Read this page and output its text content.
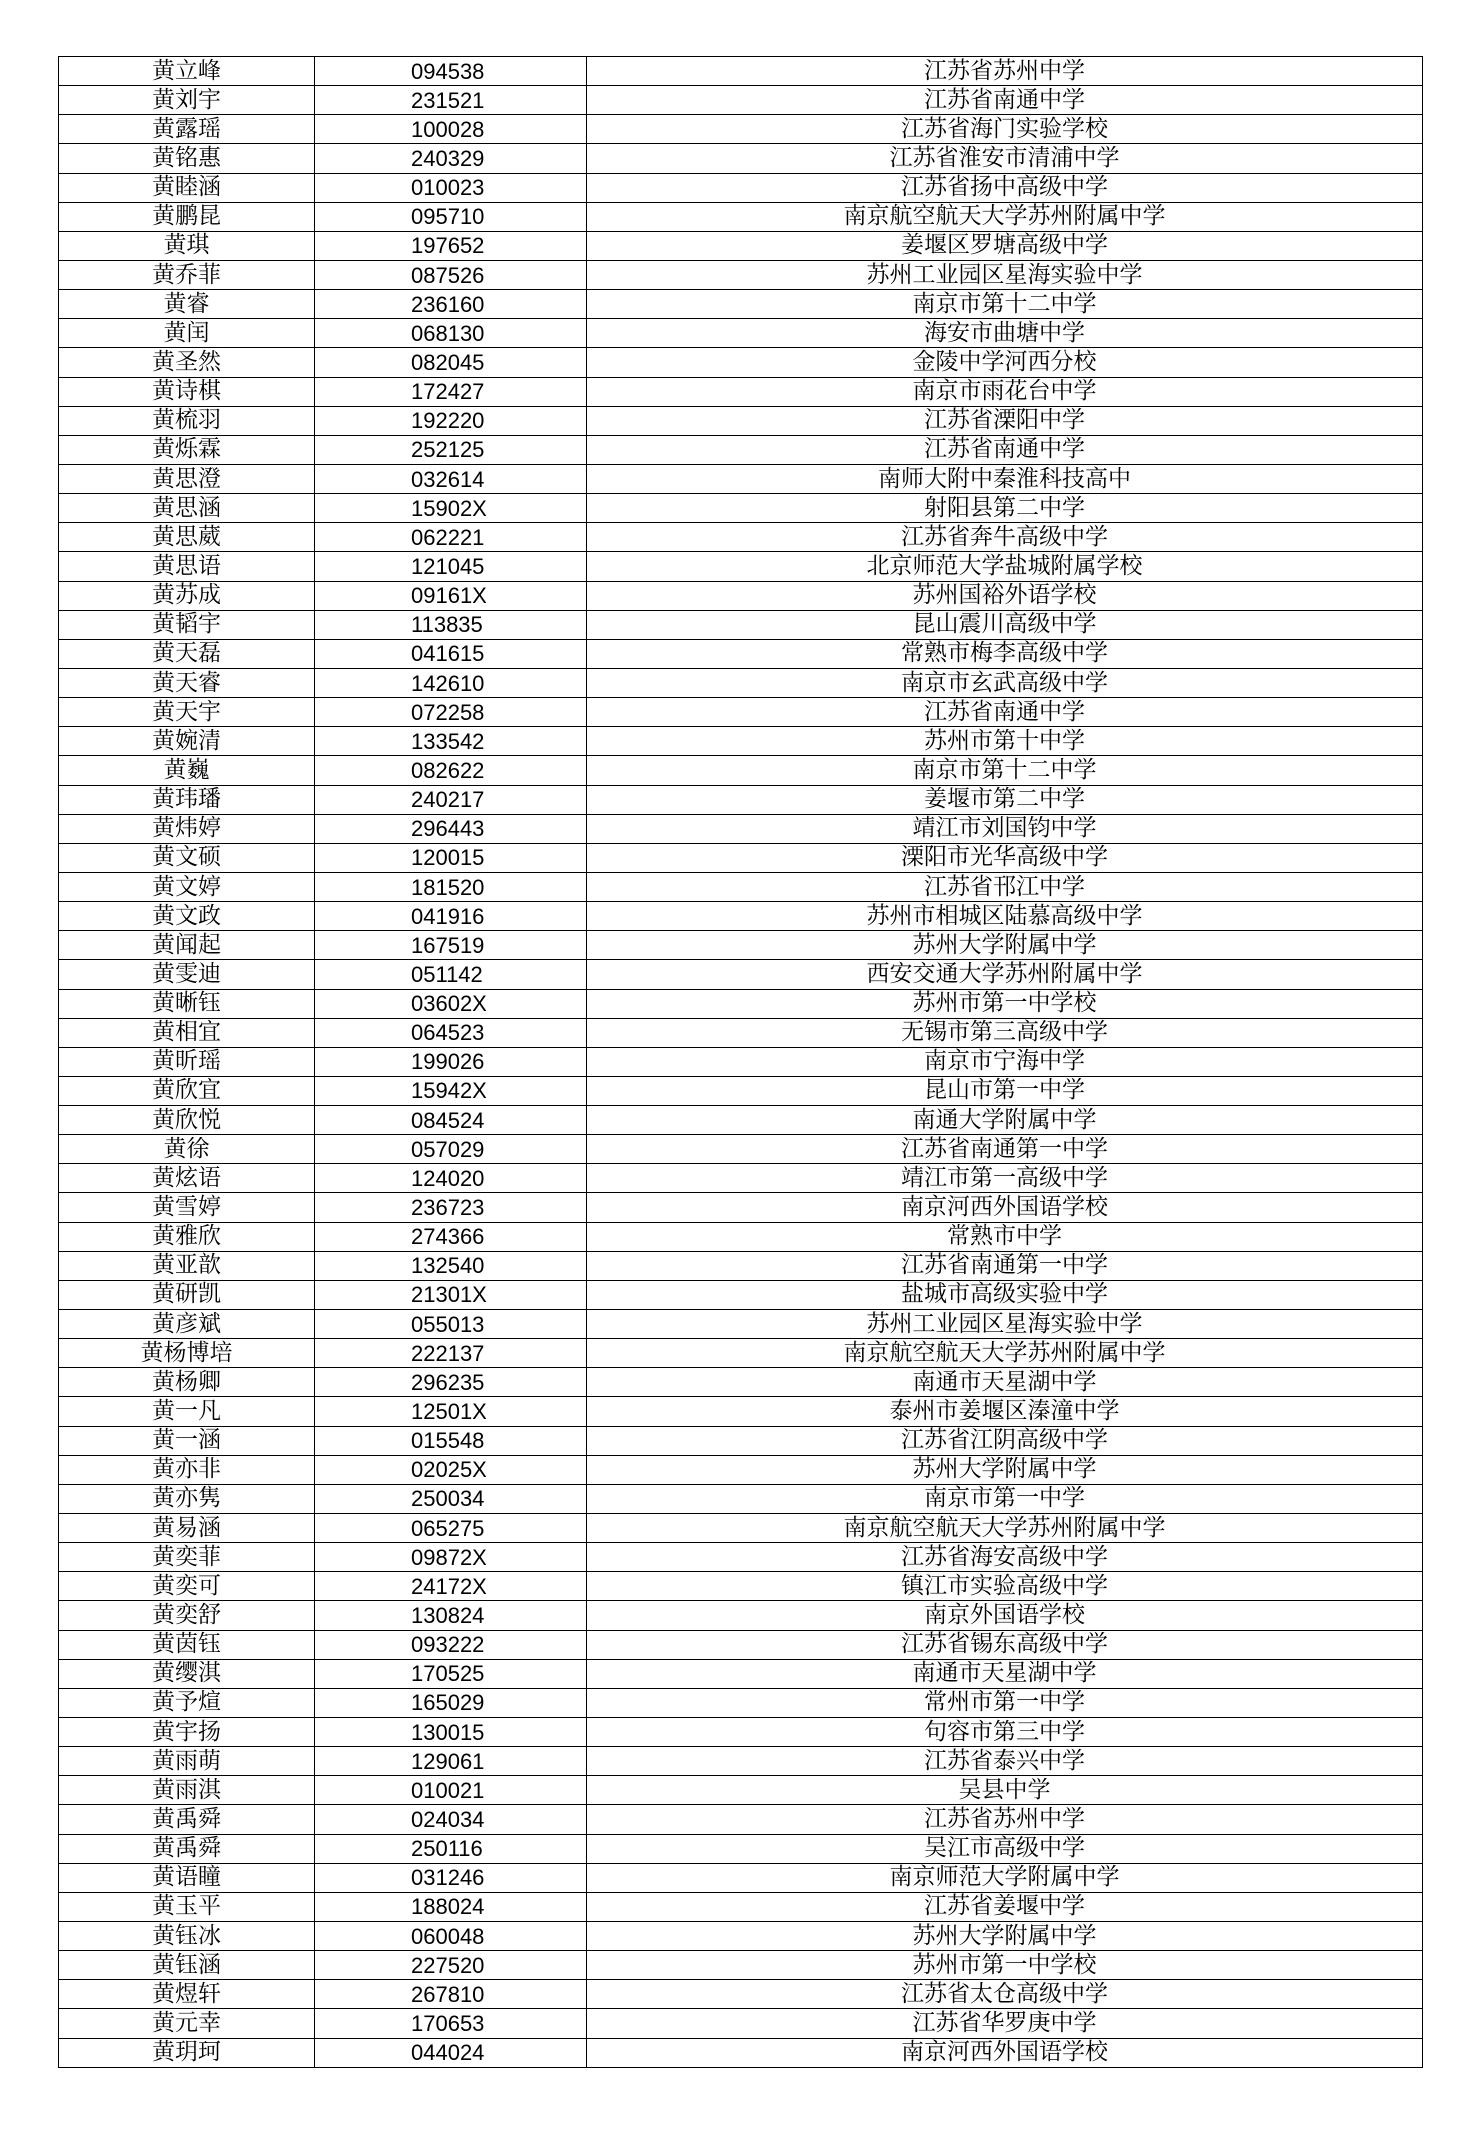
黄立峰	094538	江苏省苏州中学
黄刘宇	231521	江苏省南通中学
黄露瑶	100028	江苏省海门实验学校
黄铭惠	240329	江苏省淮安市清浦中学
黄睦涵	010023	江苏省扬中高级中学
黄鹏昆	095710	南京航空航天大学苏州附属中学
黄琪	197652	姜堰区罗塘高级中学
黄乔菲	087526	苏州工业园区星海实验中学
黄睿	236160	南京市第十二中学
黄闰	068130	海安市曲塘中学
黄圣然	082045	金陵中学河西分校
黄诗棋	172427	南京市雨花台中学
黄梳羽	192220	江苏省溧阳中学
黄烁霖	252125	江苏省南通中学
黄思澄	032614	南师大附中秦淮科技高中
黄思涵	15902X	射阳县第二中学
黄思葳	062221	江苏省奔牛高级中学
黄思语	121045	北京师范大学盐城附属学校
黄苏成	09161X	苏州国裕外语学校
黄韬宇	113835	昆山震川高级中学
黄天磊	041615	常熟市梅李高级中学
黄天睿	142610	南京市玄武高级中学
黄天宇	072258	江苏省南通中学
黄婉清	133542	苏州市第十中学
黄巍	082622	南京市第十二中学
黄玮璠	240217	姜堰市第二中学
黄炜婷	296443	靖江市刘国钧中学
黄文硕	120015	溧阳市光华高级中学
黄文婷	181520	江苏省邗江中学
黄文政	041916	苏州市相城区陆慕高级中学
黄闻起	167519	苏州大学附属中学
黄雯迪	051142	西安交通大学苏州附属中学
黄晰钰	03602X	苏州市第一中学校
黄相宜	064523	无锡市第三高级中学
黄昕瑶	199026	南京市宁海中学
黄欣宜	15942X	昆山市第一中学
黄欣悦	084524	南通大学附属中学
黄徐	057029	江苏省南通第一中学
黄炫语	124020	靖江市第一高级中学
黄雪婷	236723	南京河西外国语学校
黄雅欣	274366	常熟市中学
黄亚歆	132540	江苏省南通第一中学
黄研凯	21301X	盐城市高级实验中学
黄彦斌	055013	苏州工业园区星海实验中学
黄杨博培	222137	南京航空航天大学苏州附属中学
黄杨卿	296235	南通市天星湖中学
黄一凡	12501X	泰州市姜堰区溱潼中学
黄一涵	015548	江苏省江阴高级中学
黄亦非	02025X	苏州大学附属中学
黄亦隽	250034	南京市第一中学
黄易涵	065275	南京航空航天大学苏州附属中学
黄奕菲	09872X	江苏省海安高级中学
黄奕可	24172X	镇江市实验高级中学
黄奕舒	130824	南京外国语学校
黄茵钰	093222	江苏省锡东高级中学
黄缨淇	170525	南通市天星湖中学
黄予煊	165029	常州市第一中学
黄宇扬	130015	句容市第三中学
黄雨萌	129061	江苏省泰兴中学
黄雨淇	010021	吴县中学
黄禹舜	024034	江苏省苏州中学
黄禹舜	250116	吴江市高级中学
黄语瞳	031246	南京师范大学附属中学
黄玉平	188024	江苏省姜堰中学
黄钰冰	060048	苏州大学附属中学
黄钰涵	227520	苏州市第一中学校
黄煜轩	267810	江苏省太仓高级中学
黄元幸	170653	江苏省华罗庚中学
黄玥珂	044024	南京河西外国语学校
